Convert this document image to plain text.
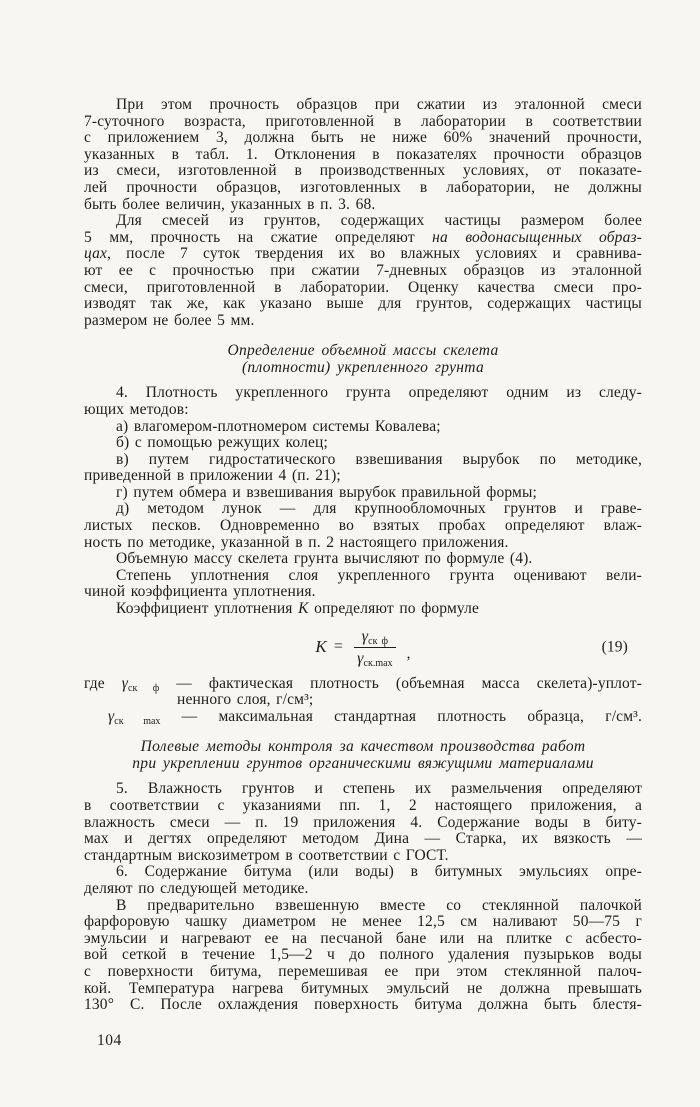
При этом прочность образцов при сжатии из эталонной смеси
7-суточного возраста, приготовленной в лаборатории в соответствии
с приложением 3, должна быть не ниже 60% значений прочности,
указанных в табл. 1. Отклонения в показателях прочности образцов
из смеси, изготовленной в производственных условиях, от показате-
лей прочности образцов, изготовленных в лаборатории, не должны
быть более величин, указанных в п. 3. 68.
Для смесей из грунтов, содержащих частицы размером более
5 мм, прочность на сжатие определяют на водонасыщенных образ-
цах, после 7 суток твердения их во влажных условиях и сравнива-
ют ее с прочностью при сжатии 7-дневных образцов из эталонной
смеси, приготовленной в лаборатории. Оценку качества смеси про-
изводят так же, как указано выше для грунтов, содержащих частицы
размером не более 5 мм.
Определение объемной массы скелета
(плотности) укрепленного грунта
4. Плотность укрепленного грунта определяют одним из следу-
ющих методов:
а) влагомером-плотномером системы Ковалева;
б) с помощью режущих колец;
в) путем гидростатического взвешивания вырубок по методике,
приведенной в приложении 4 (п. 21);
г) путем обмера и взвешивания вырубок правильной формы;
д) методом лунок — для крупнообломочных грунтов и граве-
листых песков. Одновременно во взятых пробах определяют влаж-
ность по методике, указанной в п. 2 настоящего приложения.
Объемную массу скелета грунта вычисляют по формуле (4).
Степень уплотнения слоя укрепленного грунта оценивают вели-
чиной коэффициента уплотнения.
Коэффициент уплотнения К определяют по формуле
$K = \frac{\gamma_{ск ф}}{\gamma_{ск.max}}$ ,	(19)
где $\gamma_{ск ф}$ — фактическая плотность (объемная масса скелета)-уплот-
ненного слоя, г/см³;
$\gamma_{ск max}$ — максимальная стандартная плотность образца, г/см³.
Полевые методы контроля за качеством производства работ
при укреплении грунтов органическими вяжущими материалами
5. Влажность грунтов и степень их размельчения определяют
в соответствии с указаниями пп. 1, 2 настоящего приложения, а
влажность смеси — п. 19 приложения 4. Содержание воды в биту-
мах и дегтях определяют методом Дина — Старка, их вязкость —
стандартным вискозиметром в соответствии с ГОСТ.
6. Содержание битума (или воды) в битумных эмульсиях опре-
деляют по следующей методике.
В предварительно взвешенную вместе со стеклянной палочкой
фарфоровую чашку диаметром не менее 12,5 см наливают 50—75 г
эмульсии и нагревают ее на песчаной бане или на плитке с асбесто-
вой сеткой в течение 1,5—2 ч до полного удаления пузырьков воды
с поверхности битума, перемешивая ее при этом стеклянной палоч-
кой. Температура нагрева битумных эмульсий не должна превышать
130° С. После охлаждения поверхность битума должна быть блестя-
104
